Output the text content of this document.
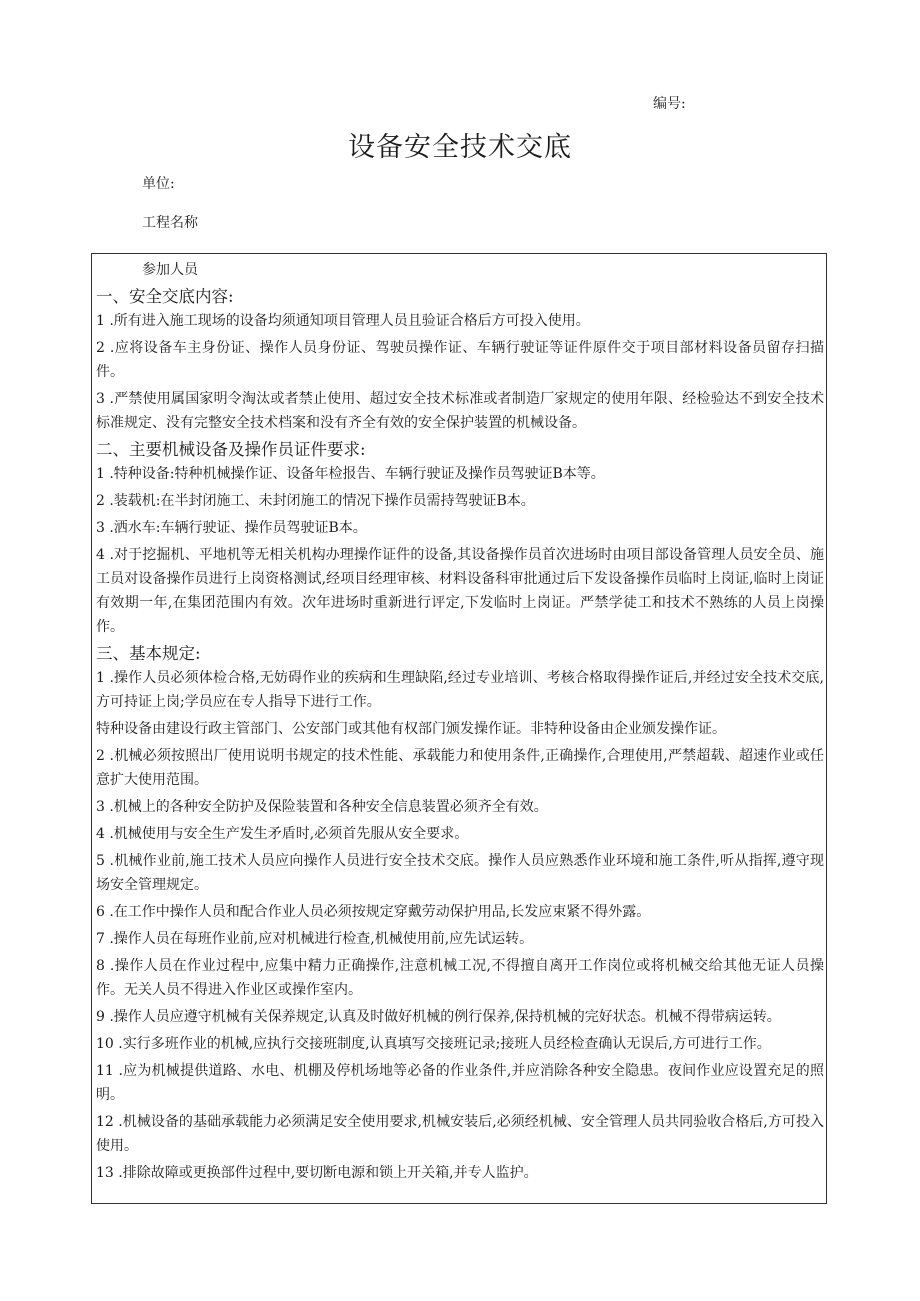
编号:
设备安全技术交底
单位:
工程名称
参加人员
一、安全交底内容:
1 .所有进入施工现场的设备均须通知项目管理人员且验证合格后方可投入使用。
2 .应将设备车主身份证、操作人员身份证、驾驶员操作证、车辆行驶证等证件原件交于项目部材料设备员留存扫描件。
3 .严禁使用属国家明令淘汰或者禁止使用、超过安全技术标准或者制造厂家规定的使用年限、经检验达不到安全技术标准规定、没有完整安全技术档案和没有齐全有效的安全保护装置的机械设备。
二、主要机械设备及操作员证件要求:
1 .特种设备:特种机械操作证、设备年检报告、车辆行驶证及操作员驾驶证B本等。
2 .装载机:在半封闭施工、未封闭施工的情况下操作员需持驾驶证B本。
3 .洒水车:车辆行驶证、操作员驾驶证B本。
4 .对于挖掘机、平地机等无相关机构办理操作证件的设备,其设备操作员首次进场时由项目部设备管理人员安全员、施工员对设备操作员进行上岗资格测试,经项目经理审核、材料设备科审批通过后下发设备操作员临时上岗证,临时上岗证有效期一年,在集团范围内有效。次年进场时重新进行评定,下发临时上岗证。严禁学徒工和技术不熟练的人员上岗操作。
三、基本规定:
1 .操作人员必须体检合格,无妨碍作业的疾病和生理缺陷,经过专业培训、考核合格取得操作证后,并经过安全技术交底,方可持证上岗;学员应在专人指导下进行工作。
特种设备由建设行政主管部门、公安部门或其他有权部门颁发操作证。非特种设备由企业颁发操作证。
2 .机械必须按照出厂使用说明书规定的技术性能、承载能力和使用条件,正确操作,合理使用,严禁超载、超速作业或任意扩大使用范围。
3 .机械上的各种安全防护及保险装置和各种安全信息装置必须齐全有效。
4 .机械使用与安全生产发生矛盾时,必须首先服从安全要求。
5 .机械作业前,施工技术人员应向操作人员进行安全技术交底。操作人员应熟悉作业环境和施工条件,听从指挥,遵守现场安全管理规定。
6 .在工作中操作人员和配合作业人员必须按规定穿戴劳动保护用品,长发应束紧不得外露。
7 .操作人员在每班作业前,应对机械进行检查,机械使用前,应先试运转。
8 .操作人员在作业过程中,应集中精力正确操作,注意机械工况,不得擅自离开工作岗位或将机械交给其他无证人员操作。无关人员不得进入作业区或操作室内。
9 .操作人员应遵守机械有关保养规定,认真及时做好机械的例行保养,保持机械的完好状态。机械不得带病运转。
10 .实行多班作业的机械,应执行交接班制度,认真填写交接班记录;接班人员经检查确认无误后,方可进行工作。
11 .应为机械提供道路、水电、机棚及停机场地等必备的作业条件,并应消除各种安全隐患。夜间作业应设置充足的照明。
12 .机械设备的基础承载能力必须满足安全使用要求,机械安装后,必须经机械、安全管理人员共同验收合格后,方可投入使用。
13 .排除故障或更换部件过程中,要切断电源和锁上开关箱,并专人监护。
